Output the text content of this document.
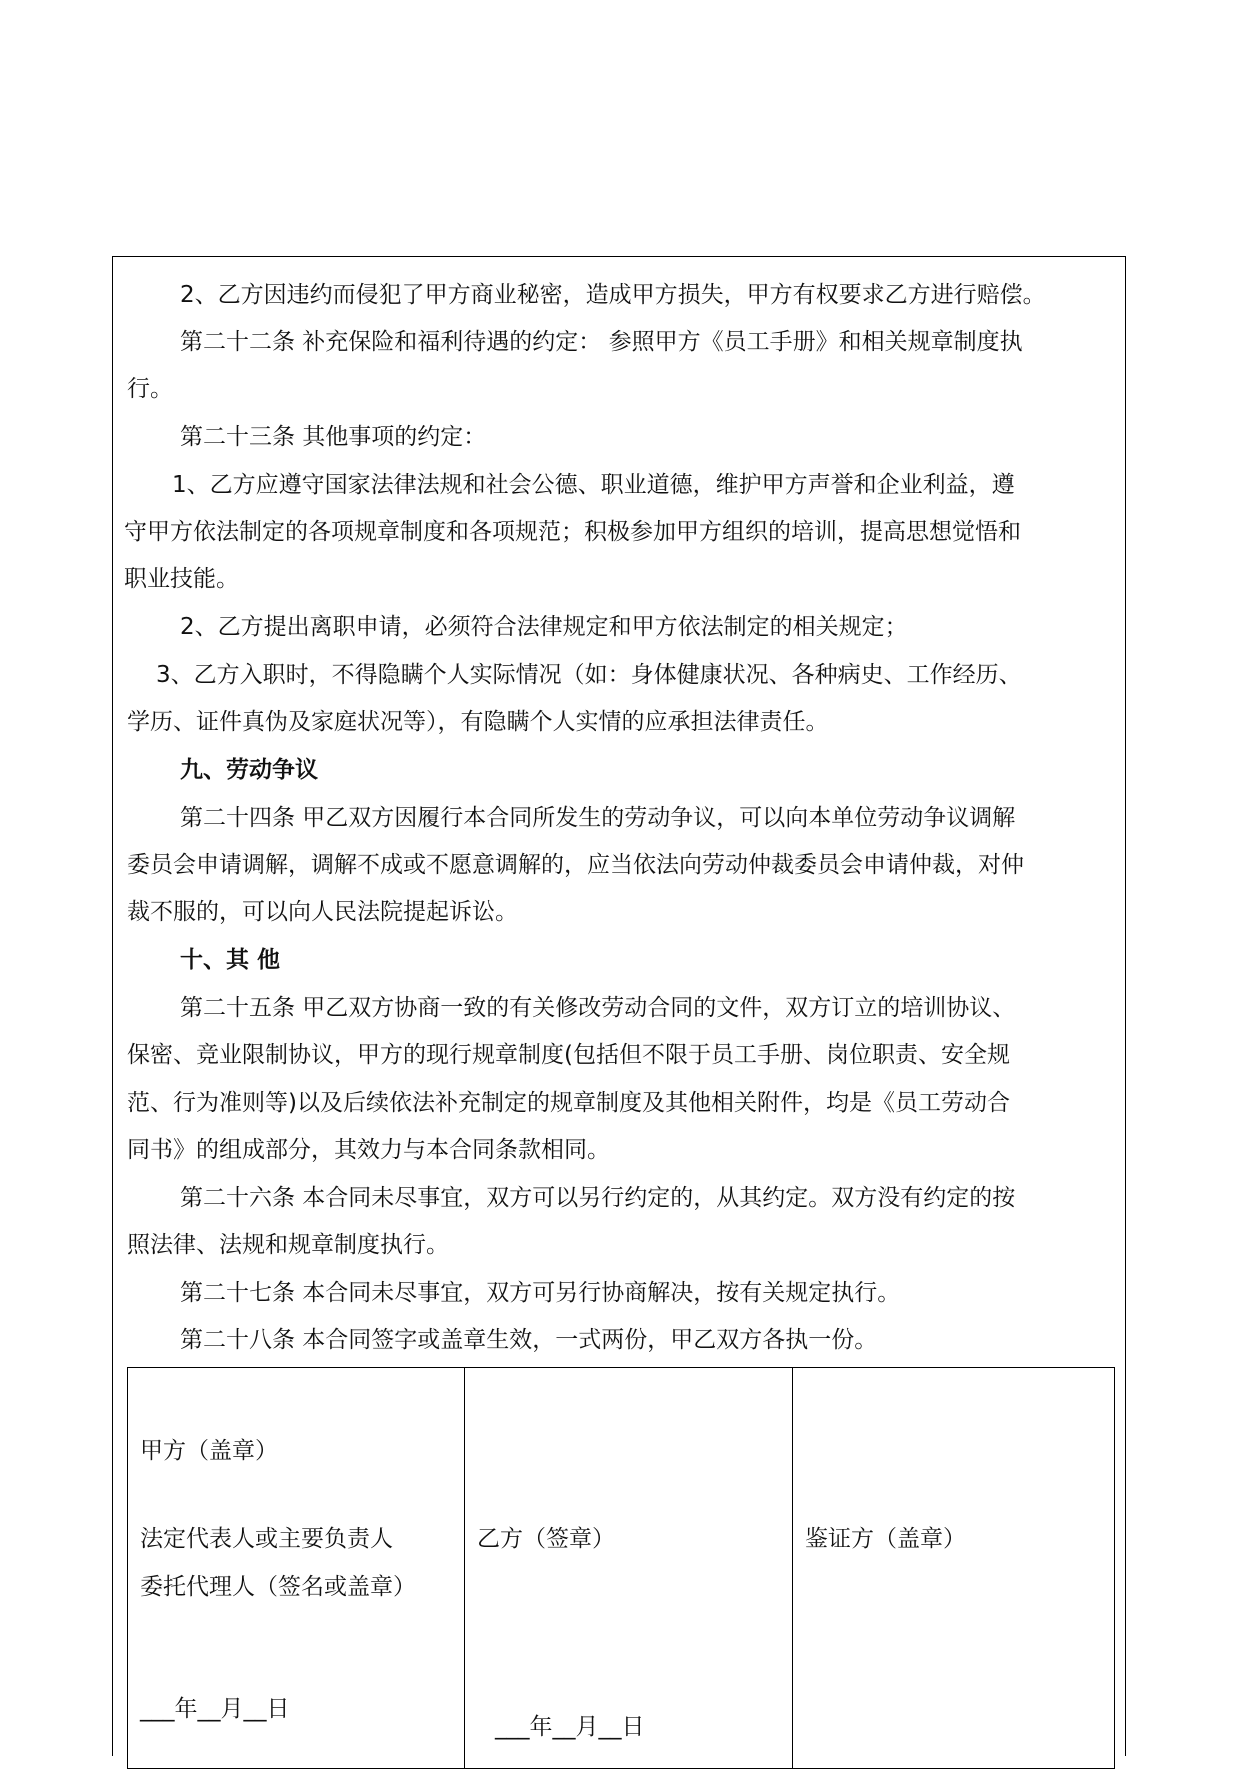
2、乙方因违约而侵犯了甲方商业秘密，造成甲方损失，甲方有权要求乙方进行赔偿。
第二十二条 补充保险和福利待遇的约定： 参照甲方《员工手册》和相关规章制度执
行。
第二十三条 其他事项的约定：
1、乙方应遵守国家法律法规和社会公德、职业道德，维护甲方声誉和企业利益，遵
守甲方依法制定的各项规章制度和各项规范；积极参加甲方组织的培训，提高思想觉悟和
职业技能。
2、乙方提出离职申请，必须符合法律规定和甲方依法制定的相关规定；
3、乙方入职时，不得隐瞒个人实际情况（如：身体健康状况、各种病史、工作经历、
学历、证件真伪及家庭状况等），有隐瞒个人实情的应承担法律责任。
九、劳动争议
第二十四条 甲乙双方因履行本合同所发生的劳动争议，可以向本单位劳动争议调解
委员会申请调解，调解不成或不愿意调解的，应当依法向劳动仲裁委员会申请仲裁，对仲
裁不服的，可以向人民法院提起诉讼。
十、其 他
第二十五条 甲乙双方协商一致的有关修改劳动合同的文件，双方订立的培训协议、
保密、竞业限制协议，甲方的现行规章制度(包括但不限于员工手册、岗位职责、安全规
范、行为准则等)以及后续依法补充制定的规章制度及其他相关附件，均是《员工劳动合
同书》的组成部分，其效力与本合同条款相同。
第二十六条 本合同未尽事宜，双方可以另行约定的，从其约定。双方没有约定的按
照法律、法规和规章制度执行。
第二十七条 本合同未尽事宜，双方可另行协商解决，按有关规定执行。
第二十八条 本合同签字或盖章生效，一式两份，甲乙双方各执一份。
甲方（盖章）
法定代表人或主要负责人
委托代理人（签名或盖章）
___年__月__日

乙方（签章）
___年__月__日

鉴证方（盖章）
